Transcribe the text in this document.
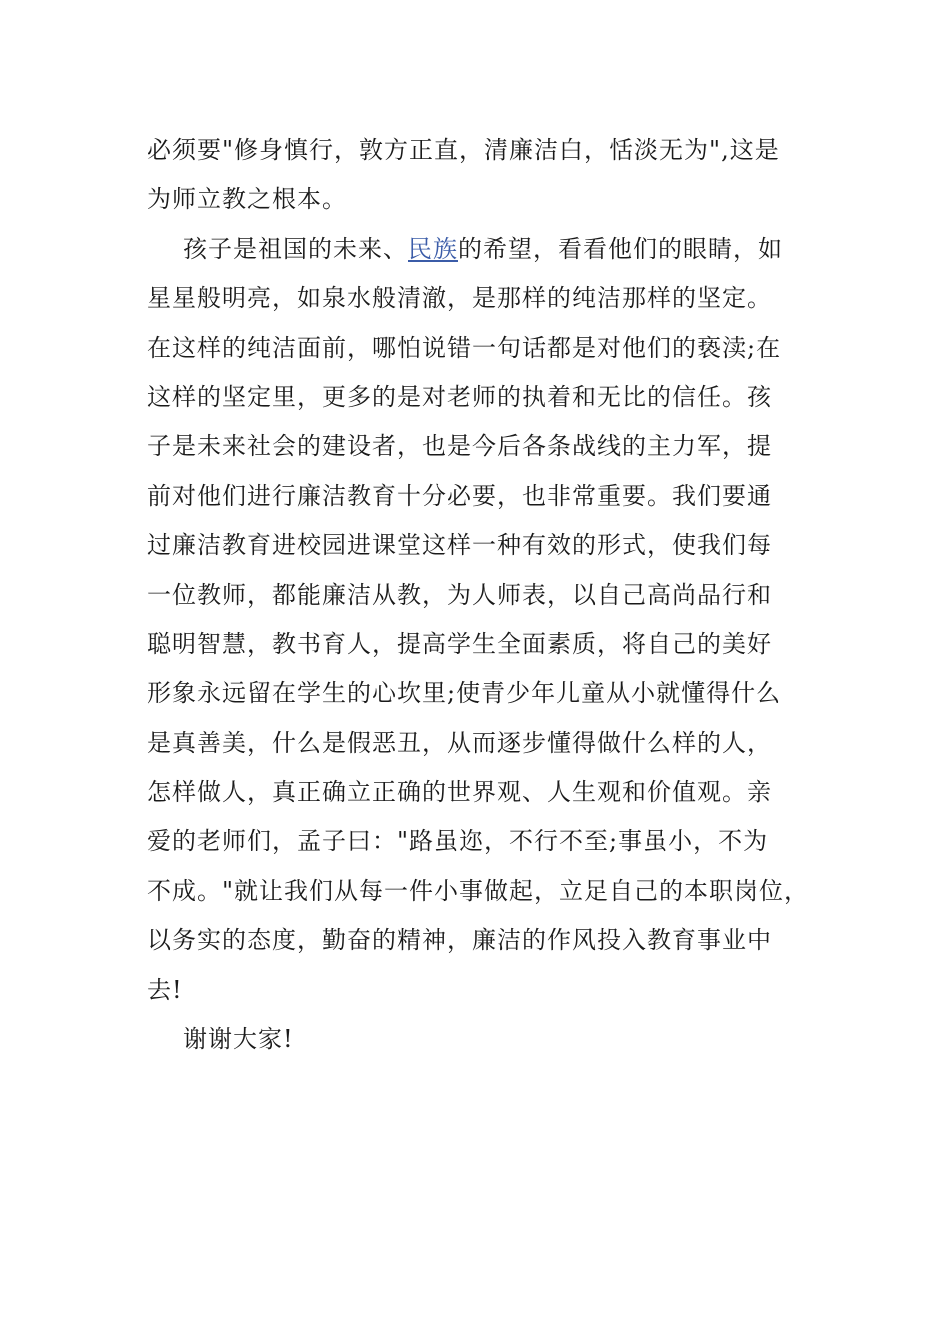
必须要"修身慎行，敦方正直，清廉洁白，恬淡无为",这是
为师立教之根本。
孩子是祖国的未来、民族的希望，看看他们的眼睛，如
星星般明亮，如泉水般清澈，是那样的纯洁那样的坚定。
在这样的纯洁面前，哪怕说错一句话都是对他们的亵渎;在
这样的坚定里，更多的是对老师的执着和无比的信任。孩
子是未来社会的建设者，也是今后各条战线的主力军，提
前对他们进行廉洁教育十分必要，也非常重要。我们要通
过廉洁教育进校园进课堂这样一种有效的形式，使我们每
一位教师，都能廉洁从教，为人师表，以自己高尚品行和
聪明智慧，教书育人，提高学生全面素质，将自己的美好
形象永远留在学生的心坎里;使青少年儿童从小就懂得什么
是真善美，什么是假恶丑，从而逐步懂得做什么样的人，
怎样做人，真正确立正确的世界观、人生观和价值观。亲
爱的老师们，孟子曰："路虽迩，不行不至;事虽小，不为
不成。"就让我们从每一件小事做起，立足自己的本职岗位，
以务实的态度，勤奋的精神，廉洁的作风投入教育事业中
去!
谢谢大家!
